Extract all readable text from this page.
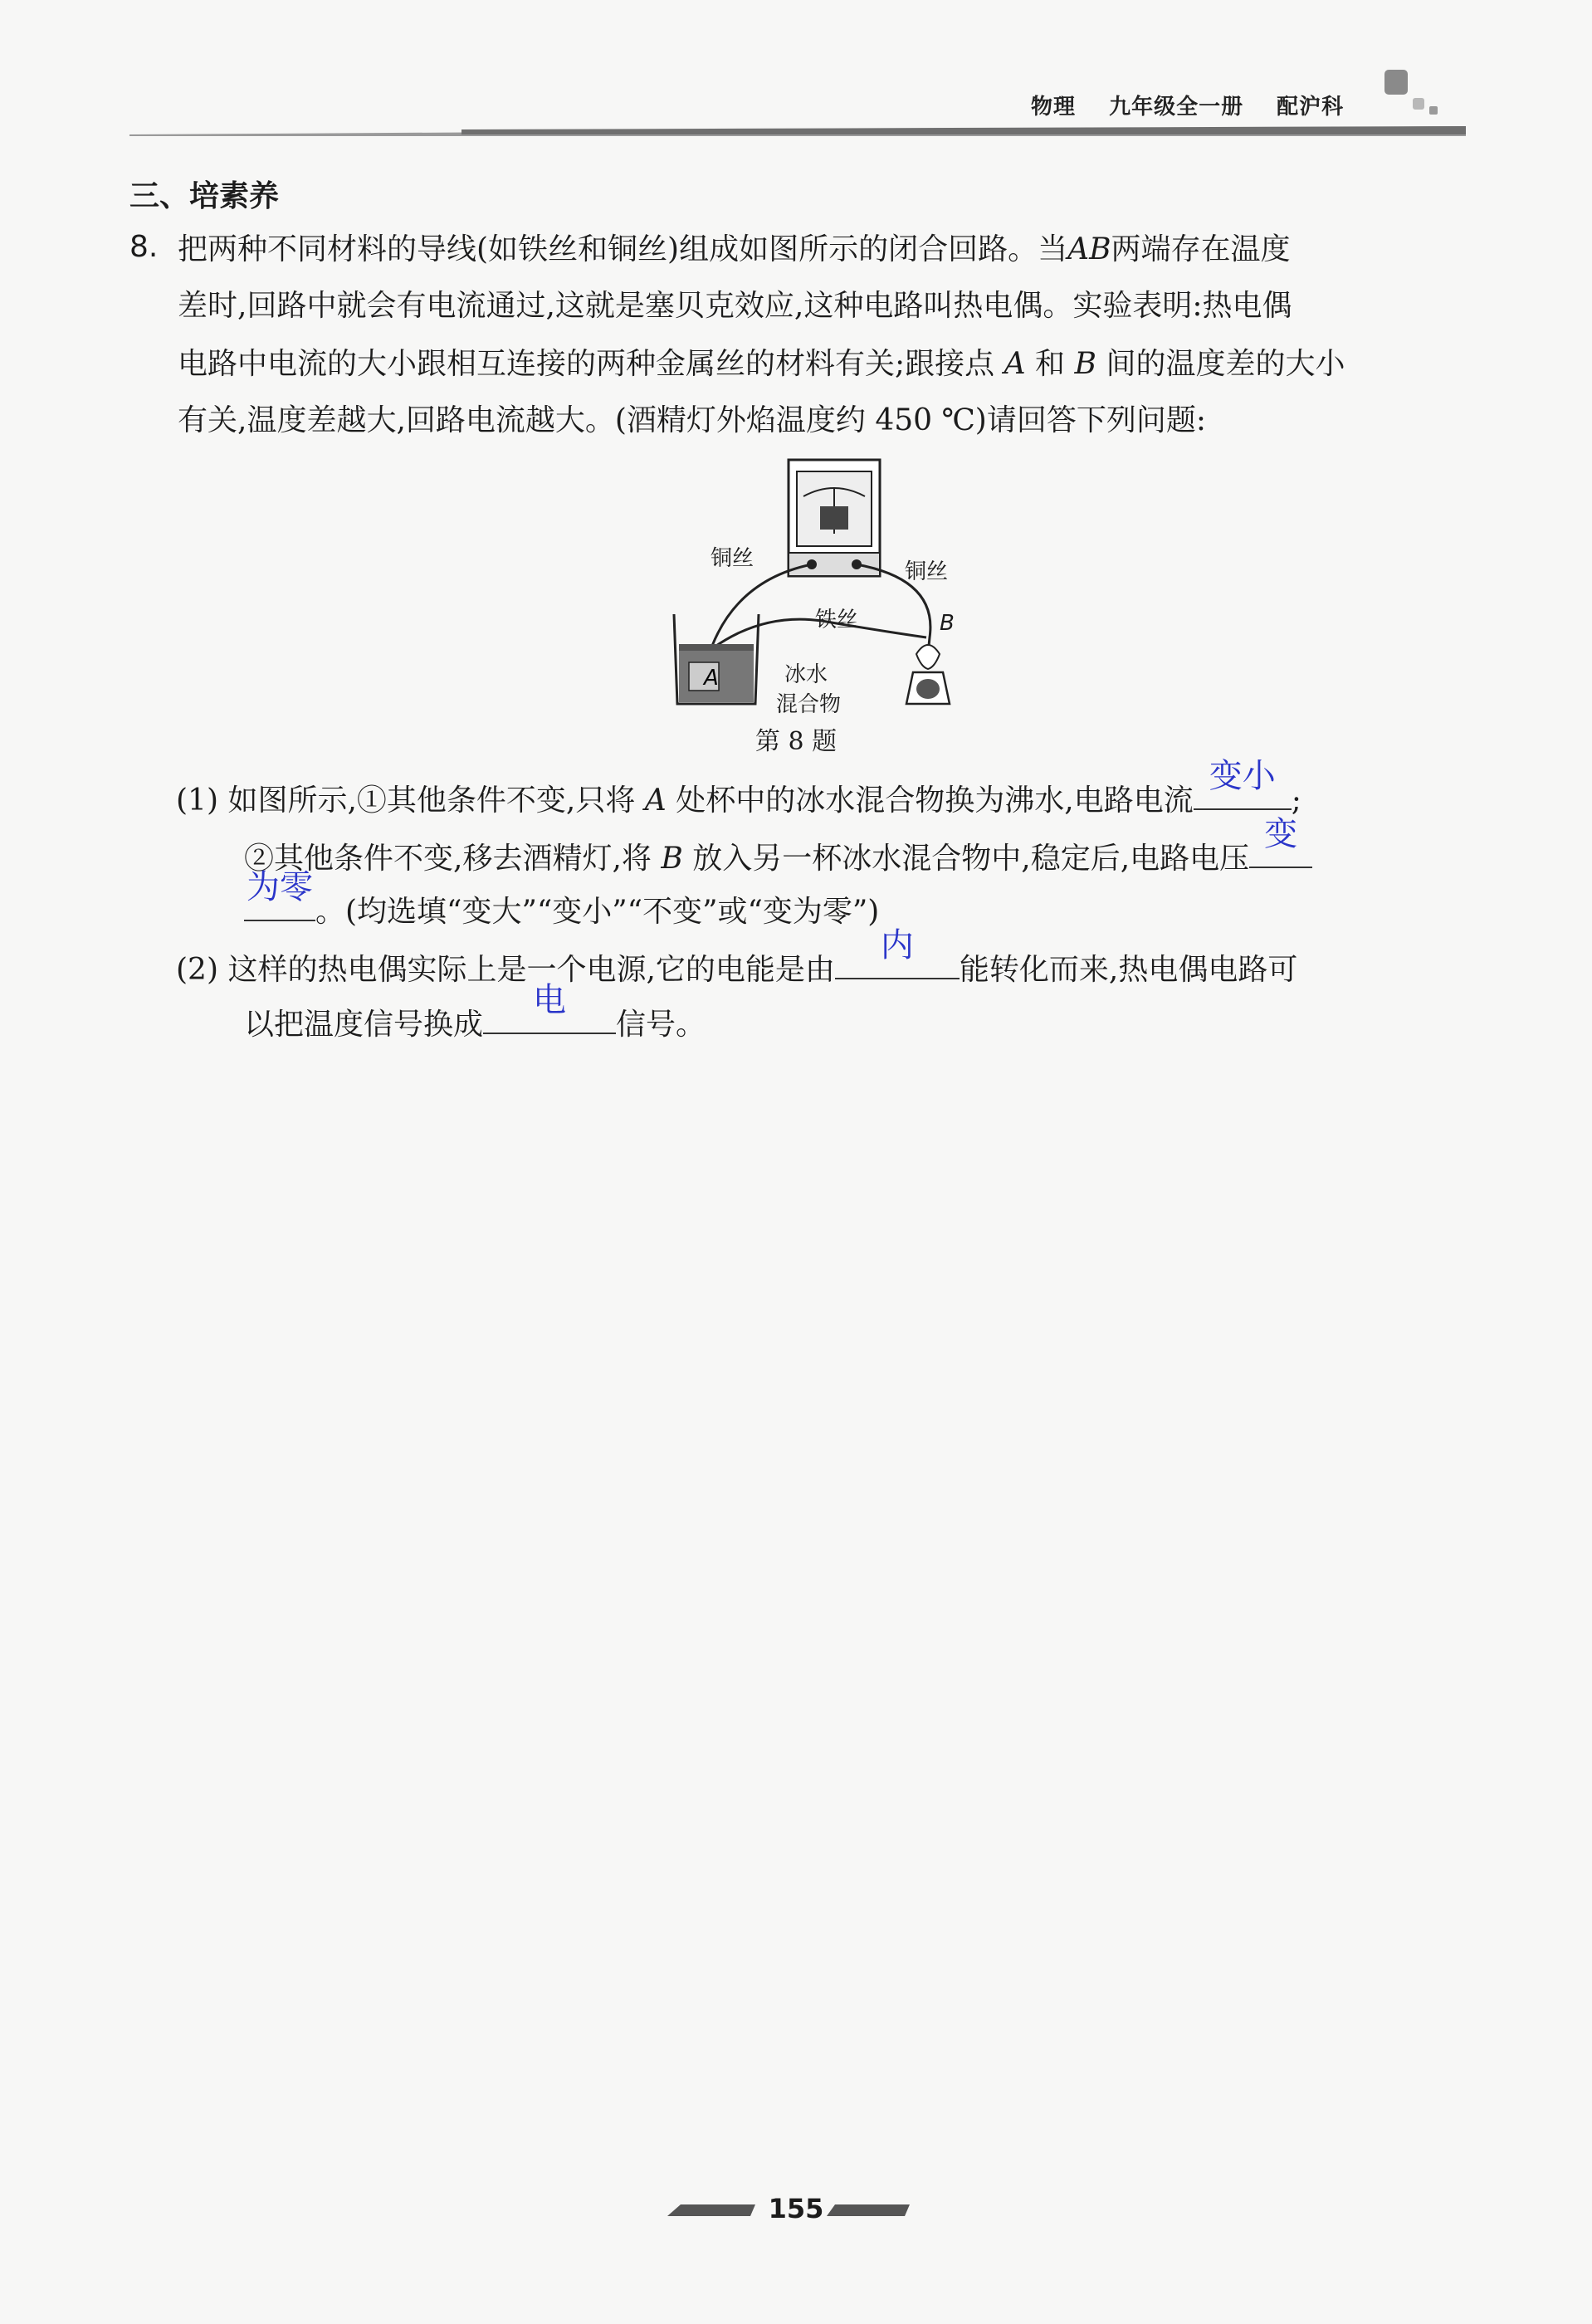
物理 九年级全一册 配沪科
三、培素养
8. 把两种不同材料的导线(如铁丝和铜丝)组成如图所示的闭合回路。当AB两端存在温度
差时,回路中就会有电流通过,这就是塞贝克效应,这种电路叫热电偶。实验表明:热电偶
电路中电流的大小跟相互连接的两种金属丝的材料有关;跟接点 A 和 B 间的温度差的大小
有关,温度差越大,回路电流越大。(酒精灯外焰温度约 450 ℃)请回答下列问题:
A
铜丝
铜丝
铁丝	B
冰水
混合物
第 8 题
(1) 如图所示,①其他条件不变,只将 A 处杯中的冰水混合物换为沸水,电路电流
变小
;
②其他条件不变,移去酒精灯,将 B 放入另一杯冰水混合物中,稳定后,电路电压
变
为零
。(均选填“变大”“变小”“不变”或“变为零”)
(2) 这样的热电偶实际上是一个电源,它的电能是由
内
能转化而来,热电偶电路可
以把温度信号换成
电
信号。
155
